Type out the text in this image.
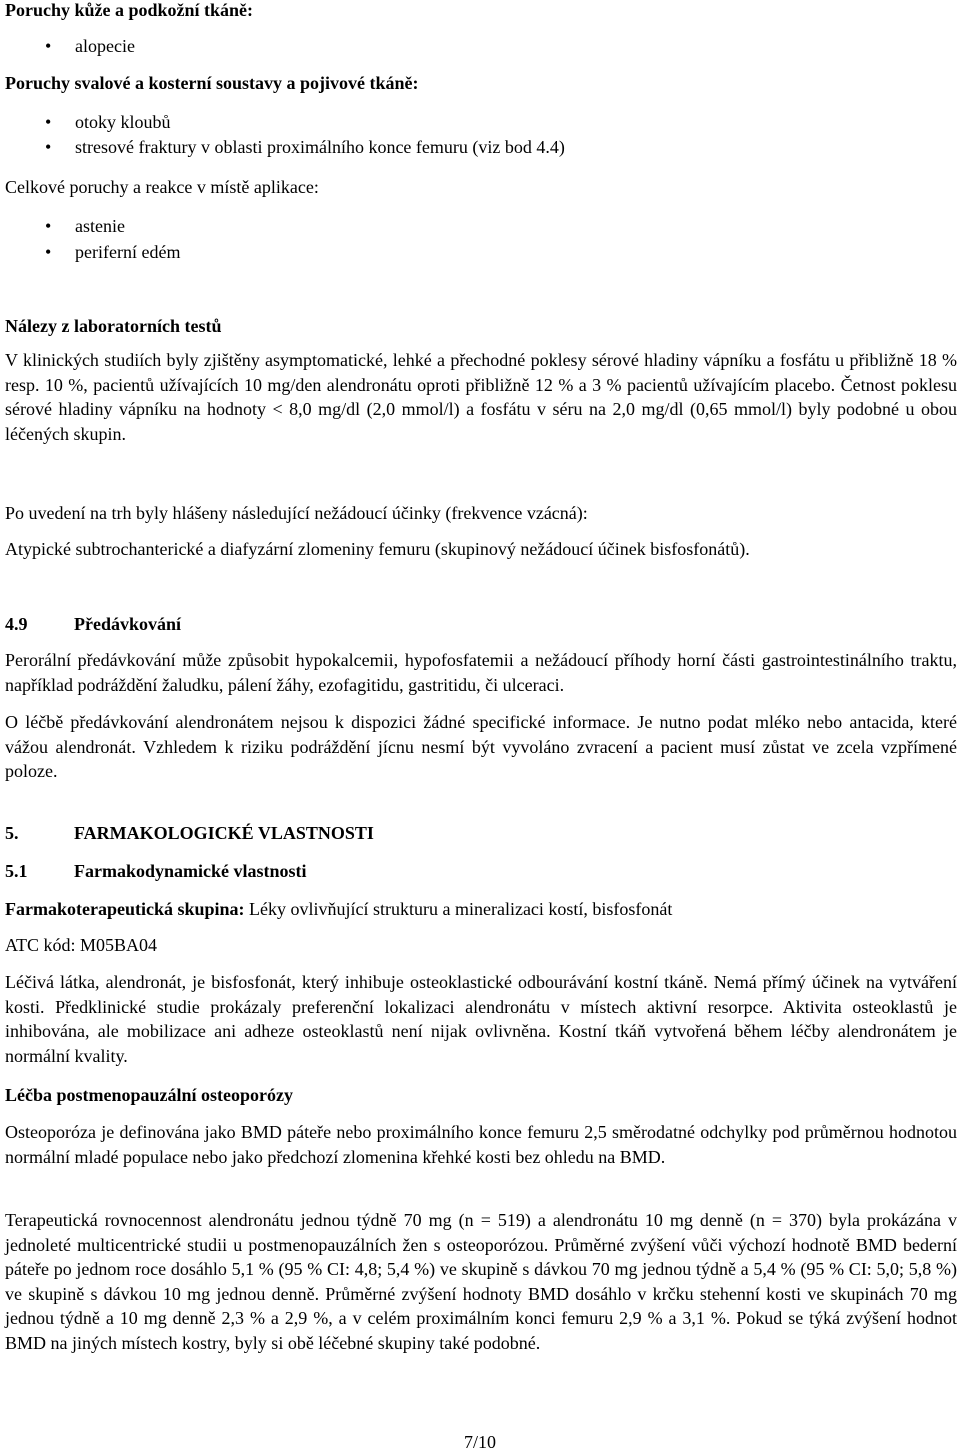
Poruchy kůže a podkožní tkáně:

• alopecie

Poruchy svalové a kosterní soustavy a pojivové tkáně:

• otoky kloubů
• stresové fraktury v oblasti proximálního konce femuru (viz bod 4.4)

Celkové poruchy a reakce v místě aplikace:

• astenie
• periferní edém

Nálezy z laboratorních testů

V klinických studiích byly zjištěny asymptomatické, lehké a přechodné poklesy sérové hladiny vápníku a fosfátu u přibližně 18 % resp. 10 %, pacientů užívajících 10 mg/den alendronátu oproti přibližně 12 % a 3 % pacientů užívajícím placebo. Četnost poklesu sérové hladiny vápníku na hodnoty < 8,0 mg/dl (2,0 mmol/l) a fosfátu v séru na 2,0 mg/dl (0,65 mmol/l) byly podobné u obou léčených skupin.

Po uvedení na trh byly hlášeny následující nežádoucí účinky (frekvence vzácná):

Atypické subtrochanterické a diafyzární zlomeniny femuru (skupinový nežádoucí účinek bisfosfonátů).

4.9	Předávkování

Perorální předávkování může způsobit hypokalcemii, hypofosfatemii a nežádoucí příhody horní části gastrointestinálního traktu, například podráždění žaludku, pálení žáhy, ezofagitidu, gastritidu, či ulceraci.

O léčbě předávkování alendronátem nejsou k dispozici žádné specifické informace. Je nutno podat mléko nebo antacida, které vážou alendronát. Vzhledem k riziku podráždění jícnu nesmí být vyvoláno zvracení a pacient musí zůstat ve zcela vzpřímené poloze.

5.	FARMAKOLOGICKÉ VLASTNOSTI

5.1	Farmakodynamické vlastnosti

Farmakoterapeutická skupina: Léky ovlivňující strukturu a mineralizaci kostí, bisfosfonát

ATC kód: M05BA04

Léčivá látka, alendronát, je bisfosfonát, který inhibuje osteoklastické odbourávání kostní tkáně. Nemá přímý účinek na vytváření kosti. Předklinické studie prokázaly preferenční lokalizaci alendronátu v místech aktivní resorpce. Aktivita osteoklastů je inhibována, ale mobilizace ani adheze osteoklastů není nijak ovlivněna. Kostní tkáň vytvořená během léčby alendronátem je normální kvality.

Léčba postmenopauzální osteoporózy

Osteoporóza je definována jako BMD páteře nebo proximálního konce femuru 2,5 směrodatné odchylky pod průměrnou hodnotou normální mladé populace nebo jako předchozí zlomenina křehké kosti bez ohledu na BMD.

Terapeutická rovnocennost alendronátu jednou týdně 70 mg (n = 519) a alendronátu 10 mg denně (n = 370) byla prokázána v jednoleté multicentrické studii u postmenopauzálních žen s osteoporózou. Průměrné zvýšení vůči výchozí hodnotě BMD bederní páteře po jednom roce dosáhlo 5,1 % (95 % CI: 4,8; 5,4 %) ve skupině s dávkou 70 mg jednou týdně a 5,4 % (95 % CI: 5,0; 5,8 %) ve skupině s dávkou 10 mg jednou denně. Průměrné zvýšení hodnoty BMD dosáhlo v krčku stehenní kosti ve skupinách 70 mg jednou týdně a 10 mg denně 2,3 % a 2,9 %, a v celém proximálním konci femuru 2,9 % a 3,1 %. Pokud se týká zvýšení hodnot BMD na jiných místech kostry, byly si obě léčebné skupiny také podobné.

7/10
